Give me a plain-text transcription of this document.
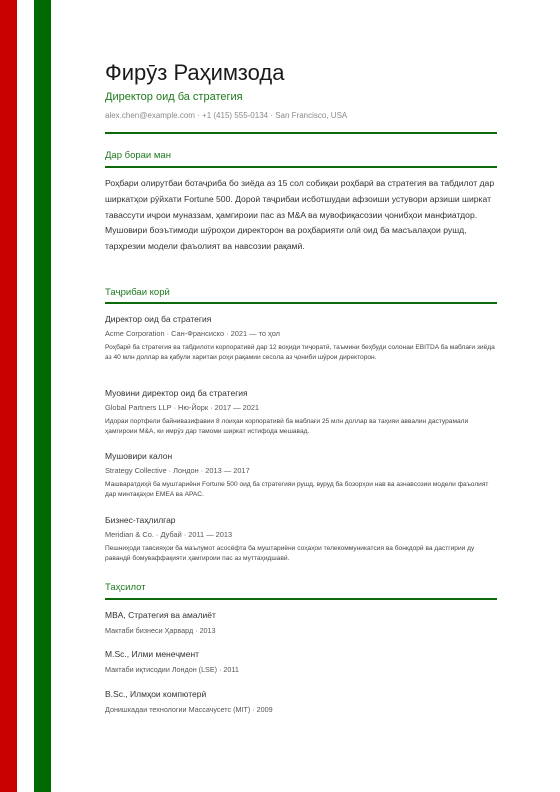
Фирӯз Раҳимзода
Директор оид ба стратегия
alex.chen@example.com · +1 (415) 555-0134 · San Francisco, USA
Дар бораи ман

Роҳбари олирутбаи ботаҷриба бо зиёда аз 15 сол собиқаи роҳбарӣ ва стратегия ва табдилот дар ширкатҳои рӯйхати Fortune 500. Дороӣ таҷрибаи исботшудаи афзоиши устувори арзиши ширкат тавассути иҷрои муназзам, ҳамгироии пас аз M&A ва мувофиқасозии ҷонибҳои манфиатдор. Мушовири боэътимоди шӯроҳои директорон ва роҳбарияти олӣ оид ба масъалаҳои рушд, тарҳрезии модели фаъолият ва навсозии рақамӣ.

Таҷрибаи корӣ
Директор оид ба стратегия
Acme Corporation · Сан-Франсиско · 2021 — то ҳол
Роҳбарӣ ба стратегия ва табдилоти корпоративӣ дар 12 воҳиди тиҷоратӣ, таъмини беҳбуди солонаи EBITDA ба маблағи зиёда аз 40 млн доллар ва қабули харитаи роҳи рақамии сесола аз ҷониби шӯрои директорон.
Муовини директор оид ба стратегия
Global Partners LLP · Ню-Йорк · 2017 — 2021
Идораи портфели байнивазифавии 8 лоиҳаи корпоративӣ ба маблағи 25 млн доллар ва таҳияи аввалин дастурамали ҳамгироии M&A, ки имрӯз дар тамоми ширкат истифода мешавад.
Мушовири калон
Strategy Collective · Лондон · 2013 — 2017
Машваратдиҳӣ ба муштариёни Fortune 500 оид ба стратегияи рушд, вуруд ба бозорҳои нав ва азнавсозии модели фаъолият дар минтақаҳои EMEA ва APAC.
Бизнес-таҳлилгар
Meridian & Co. · Дубай · 2011 — 2013
Пешниҳоди тавсияҳои ба маълумот асосёфта ба муштариёни соҳаҳои телекоммуникатсия ва бонкдорӣ ва дастгирии ду равандй бомуваффақияти ҳамгироии пас аз муттаҳидшавӣ.
Таҳсилот
MBA, Стратегия ва амалиёт
Мактаби бизнеси Ҳарвард · 2013
M.Sc., Илми менеҷмент
Мактаби иқтисодии Лондон (LSE) · 2011
B.Sc., Илмҳои компютерӣ
Донишкадаи технологии Массачусетс (MIT) · 2009
